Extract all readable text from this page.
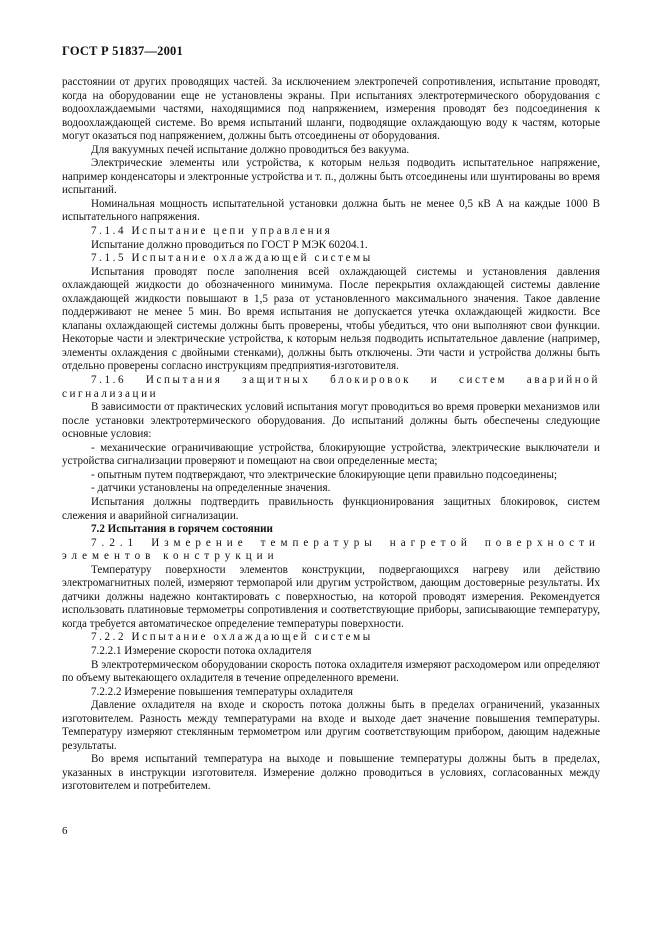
ГОСТ Р 51837—2001

расстоянии от других проводящих частей. За исключением электропечей сопротивления, испытание проводят, когда на оборудовании еще не установлены экраны. При испытаниях электротермического оборудования с водоохлаждаемыми частями, находящимися под напряжением, измерения проводят без подсоединения к водоохлаждающей системе. Во время испытаний шланги, подводящие охлаждающую воду к частям, которые могут оказаться под напряжением, должны быть отсоединены от оборудования.

Для вакуумных печей испытание должно проводиться без вакуума.

Электрические элементы или устройства, к которым нельзя подводить испытательное напряжение, например конденсаторы и электронные устройства и т. п., должны быть отсоединены или шунтированы во время испытаний.

Номинальная мощность испытательной установки должна быть не менее 0,5 кВ А на каждые 1000 В испытательного напряжения.

7.1.4 Испытание цепи управления

Испытание должно проводиться по ГОСТ Р МЭК 60204.1.

7.1.5 Испытание охлаждающей системы

Испытания проводят после заполнения всей охлаждающей системы и установления давления охлаждающей жидкости до обозначенного минимума. После перекрытия охлаждающей системы давление охлаждающей жидкости повышают в 1,5 раза от установленного максимального значения. Такое давление поддерживают не менее 5 мин. Во время испытания не допускается утечка охлаждающей жидкости. Все клапаны охлаждающей системы должны быть проверены, чтобы убедиться, что они выполняют свои функции. Некоторые части и электрические устройства, к которым нельзя подводить испытательное давление (например, элементы охлаждения с двойными стенками), должны быть отключены. Эти части и устройства должны быть отдельно проверены согласно инструкциям предприятия-изготовителя.

7.1.6 Испытания защитных блокировок и систем аварийной сигнализации

В зависимости от практических условий испытания могут проводиться во время проверки механизмов или после установки электротермического оборудования. До испытаний должны быть обеспечены следующие основные условия:

- механические ограничивающие устройства, блокирующие устройства, электрические выключатели и устройства сигнализации проверяют и помещают на свои определенные места;

- опытным путем подтверждают, что электрические блокирующие цепи правильно подсоединены;

- датчики установлены на определенные значения.

Испытания должны подтвердить правильность функционирования защитных блокировок, систем слежения и аварийной сигнализации.

7.2 Испытания в горячем состоянии

7.2.1 Измерение температуры нагретой поверхности элементов конструкции

Температуру поверхности элементов конструкции, подвергающихся нагреву или действию электромагнитных полей, измеряют термопарой или другим устройством, дающим достоверные результаты. Их датчики должны надежно контактировать с поверхностью, на которой проводят измерения. Рекомендуется использовать платиновые термометры сопротивления и соответствующие приборы, записывающие температуру, когда требуется автоматическое определение температуры поверхности.

7.2.2 Испытание охлаждающей системы

7.2.2.1 Измерение скорости потока охладителя

В электротермическом оборудовании скорость потока охладителя измеряют расходомером или определяют по объему вытекающего охладителя в течение определенного времени.

7.2.2.2 Измерение повышения температуры охладителя

Давление охладителя на входе и скорость потока должны быть в пределах ограничений, указанных изготовителем. Разность между температурами на входе и выходе дает значение повышения температуры. Температуру измеряют стеклянным термометром или другим соответствующим прибором, дающим надежные результаты.

Во время испытаний температура на выходе и повышение температуры должны быть в пределах, указанных в инструкции изготовителя. Измерение должно проводиться в условиях, согласованных между изготовителем и потребителем.

6
